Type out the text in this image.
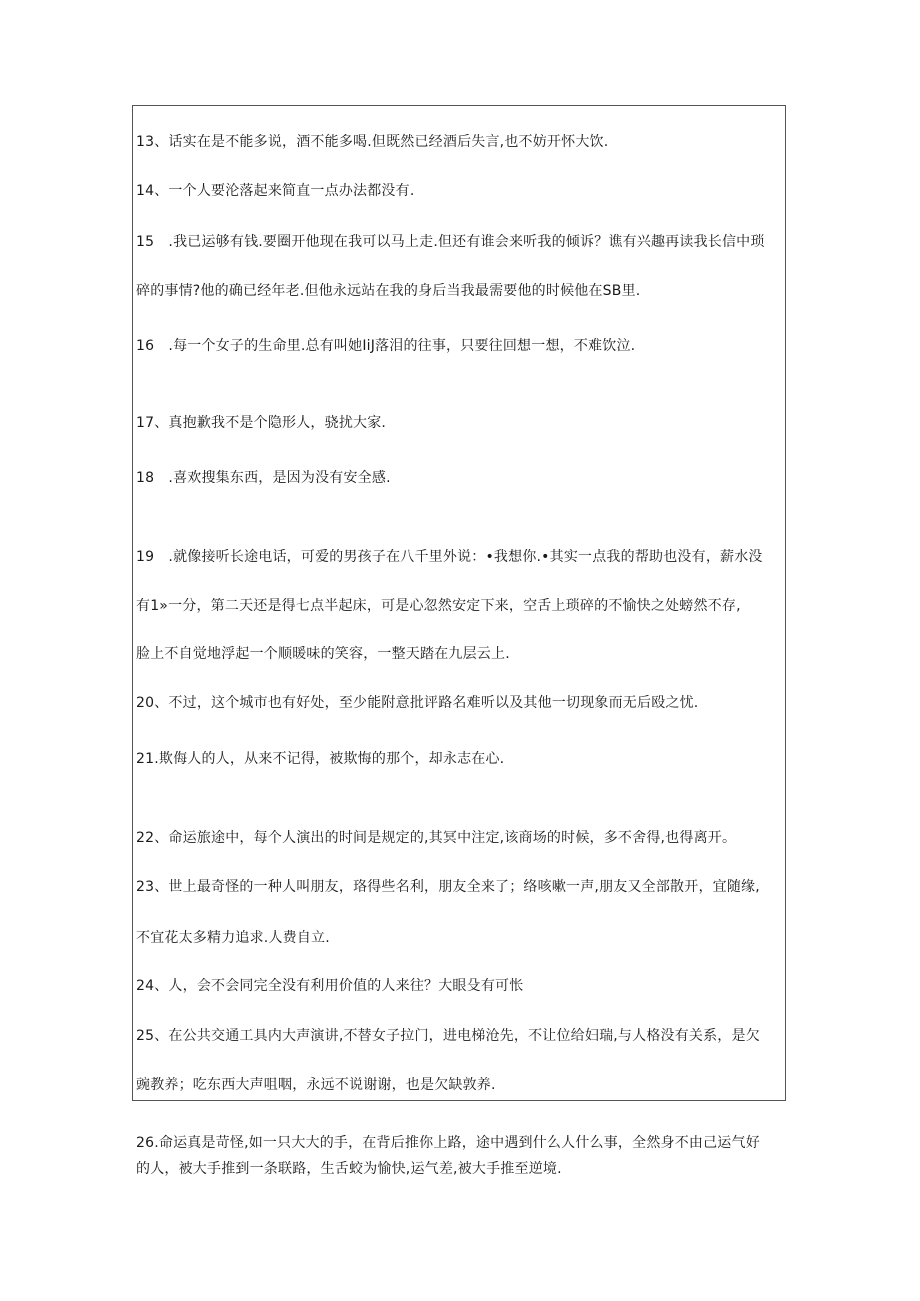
13、话实在是不能多说，酒不能多喝.但既然已经酒后失言,也不妨开怀大饮.
14、一个人要沦落起来简直一点办法都没有.
15　.我已运够有钱.要圈开他现在我可以马上走.但还有谁会来听我的倾诉？谯有兴趣再读我长信中琐
碎的事情?他的确已经年老.但他永远站在我的身后当我最需要他的时候他在SB里.
16　.每一个女子的生命里.总有叫她IiJ落泪的往事，只要往回想一想，不难饮泣.
17、真抱歉我不是个隐形人，骁扰大家.
18　.喜欢搜集东西，是因为没有安全感.
19　.就像接听长途电话，可爱的男孩子在八千里外说：•我想你.•其实一点我的帮助也没有，薪水没
有1»一分，第二天还是得七点半起床，可是心忽然安定下来，空舌上琐碎的不愉快之处螃然不存,
脸上不自觉地浮起一个顺暖味的笑容，一整天踏在九层云上.
20、不过，这个城市也有好处，至少能附意批评路名难听以及其他一切现象而无后殴之忧.
21.欺侮人的人，从来不记得，被欺悔的那个，却永志在心.
22、命运旅途中，每个人演出的时间是规定的,其冥中注定,该商场的时候，多不舍得,也得离开。
23、世上最奇怪的一种人叫朋友，珞得些名利，朋友全来了；络咳嗽一声,朋友又全部散开，宜随缘,
不宜花太多精力追求.人费自立.
24、人，会不会同完全没有利用价值的人来往？大眼殳有可怅
25、在公共交通工具内大声演讲,不替女子拉门，进电梯沧先，不让位给妇瑞,与人格没有关系，是欠
豌教养；吃东西大声咀咽，永远不说谢谢，也是欠缺敦养.
26.命运真是苛怪,如一只大大的手，在背后推你上路，途中遇到什么人什么事，全然身不由己运气好
的人，被大手推到一条联路，生舌蛟为愉快,运气差,被大手推至逆境.
